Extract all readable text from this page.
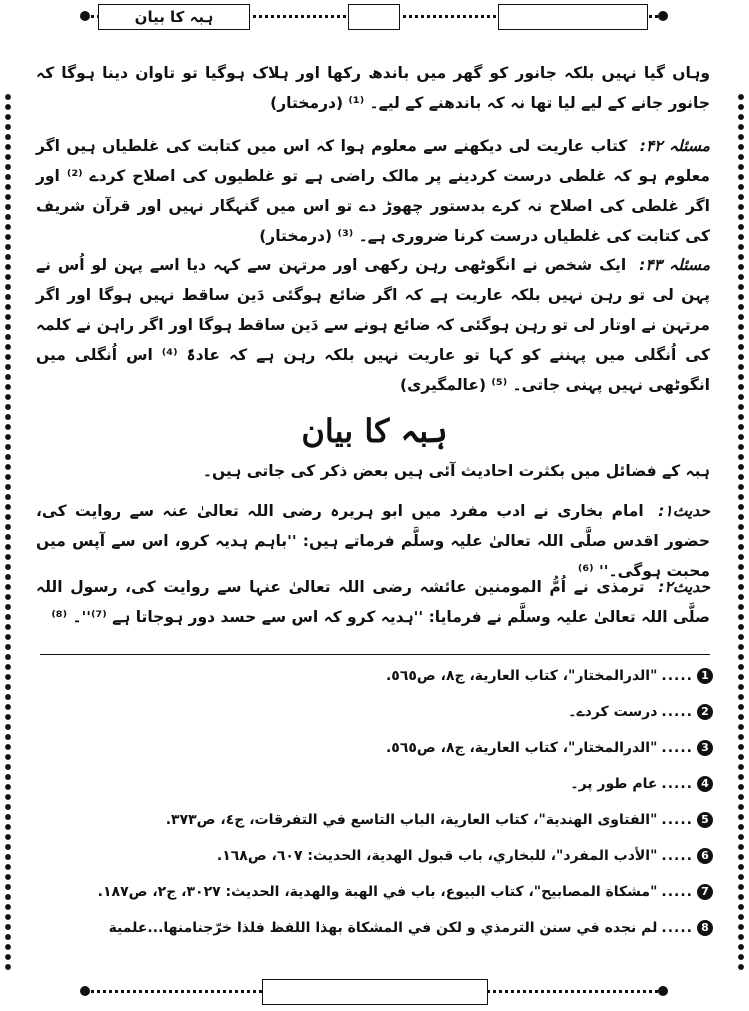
ہبہ کا بیان
وہاں گیا نہیں بلکہ جانور کو گھر میں باندھ رکھا اور ہلاک ہوگیا تو تاوان دینا ہوگا کہ جانور جانے کے لیے لیا تھا نہ کہ باندھنے کے لیے۔ ⁽¹⁾ (درمختار)
مسئلہ ۴۲: کتاب عاریت لی دیکھنے سے معلوم ہوا کہ اس میں کتابت کی غلطیاں ہیں اگر معلوم ہو کہ غلطی درست کردینے پر مالک راضی ہے تو غلطیوں کی اصلاح کردے ⁽²⁾ اور اگر غلطی کی اصلاح نہ کرے بدستور چھوڑ دے تو اس میں گنہگار نہیں اور قرآن شریف کی کتابت کی غلطیاں درست کرنا ضروری ہے۔ ⁽³⁾ (درمختار)
مسئلہ ۴۳: ایک شخص نے انگوٹھی رہن رکھی اور مرتہن سے کہہ دیا اسے پہن لو اُس نے پہن لی تو رہن نہیں بلکہ عاریت ہے کہ اگر ضائع ہوگئی دَین ساقط نہیں ہوگا اور اگر مرتہن نے اوتار لی تو رہن ہوگئی کہ ضائع ہونے سے دَین ساقط ہوگا اور اگر راہن نے کلمہ کی اُنگلی میں پہننے کو کہا تو عاریت نہیں بلکہ رہن ہے کہ عادۃً ⁽⁴⁾ اس اُنگلی میں انگوٹھی نہیں پہنی جاتی۔ ⁽⁵⁾ (عالمگیری)
ہبہ کا بیان
ہبہ کے فضائل میں بکثرت احادیث آئی ہیں بعض ذکر کی جاتی ہیں۔
حدیث۱: امام بخاری نے ادب مفرد میں ابو ہریرہ رضی اللہ تعالیٰ عنہ سے روایت کی، حضور اقدس صلَّی اللہ تعالیٰ علیہ وسلَّم فرماتے ہیں: ''باہم ہدیہ کرو، اس سے آپس میں محبت ہوگی۔'' ⁽⁶⁾
حدیث۲: ترمذی نے اُمُّ المومنین عائشہ رضی اللہ تعالیٰ عنہا سے روایت کی، رسول اللہ صلَّی اللہ تعالیٰ علیہ وسلَّم نے فرمایا: ''ہدیہ کرو کہ اس سے حسد دور ہوجاتا ہے ⁽⁷⁾''۔ ⁽⁸⁾
1
.....
"الدرالمختار"، كتاب العارية، ج٨، ص٥٦٥.
2
.....
درست کردے۔
3
.....
"الدرالمختار"، كتاب العارية، ج٨، ص٥٦٥.
4
.....
عام طور پر۔
5
.....
"الفتاوی الهندية"، كتاب العارية، الباب التاسع في التفرقات، ج٤، ص٣٧٣.
6
.....
"الأدب المفرد"، للبخاري، باب قبول الهدية، الحديث: ٦٠٧، ص١٦٨.
7
.....
"مشكاة المصابيح"، كتاب البيوع، باب في الهبة والهدية، الحديث: ٣٠٢٧، ج٢، ص١٨٧.
8
.....
لم نجده في سنن الترمذي و لكن في المشكاة بهذا اللفظ فلذا خرّجنامنها...علمية
